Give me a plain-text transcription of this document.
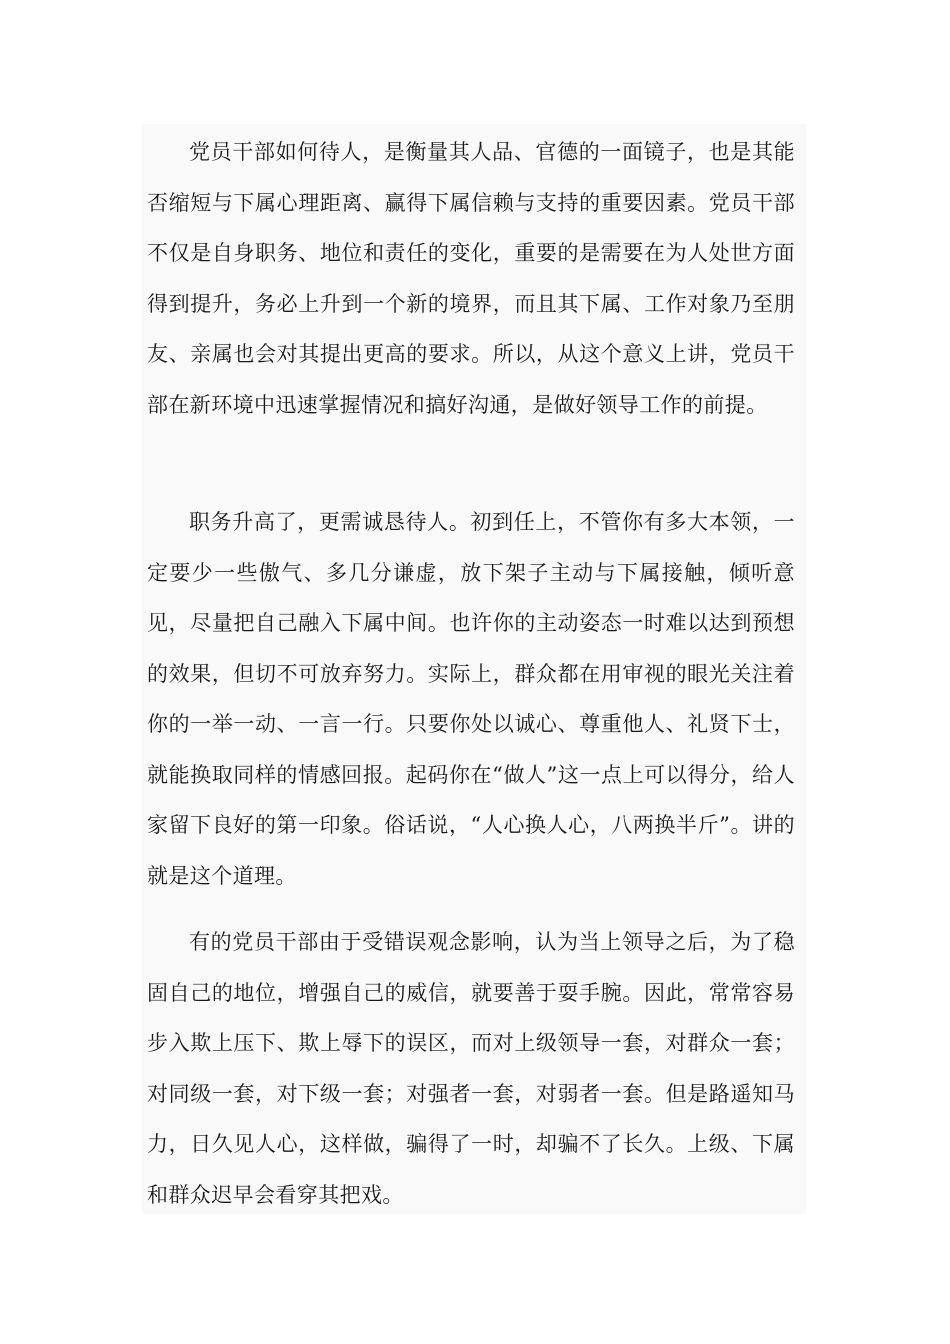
党员干部如何待人，是衡量其人品、官德的一面镜子，也是其能否缩短与下属心理距离、赢得下属信赖与支持的重要因素。党员干部不仅是自身职务、地位和责任的变化，重要的是需要在为人处世方面得到提升，务必上升到一个新的境界，而且其下属、工作对象乃至朋友、亲属也会对其提出更高的要求。所以，从这个意义上讲，党员干部在新环境中迅速掌握情况和搞好沟通，是做好领导工作的前提。

职务升高了，更需诚恳待人。初到任上，不管你有多大本领，一定要少一些傲气、多几分谦虚，放下架子主动与下属接触，倾听意见，尽量把自己融入下属中间。也许你的主动姿态一时难以达到预想的效果，但切不可放弃努力。实际上，群众都在用审视的眼光关注着你的一举一动、一言一行。只要你处以诚心、尊重他人、礼贤下士，就能换取同样的情感回报。起码你在“做人”这一点上可以得分，给人家留下良好的第一印象。俗话说，“人心换人心，八两换半斤”。讲的就是这个道理。

有的党员干部由于受错误观念影响，认为当上领导之后，为了稳固自己的地位，增强自己的威信，就要善于耍手腕。因此，常常容易步入欺上压下、欺上辱下的误区，而对上级领导一套，对群众一套；对同级一套，对下级一套；对强者一套，对弱者一套。但是路遥知马力，日久见人心，这样做，骗得了一时，却骗不了长久。上级、下属和群众迟早会看穿其把戏。
